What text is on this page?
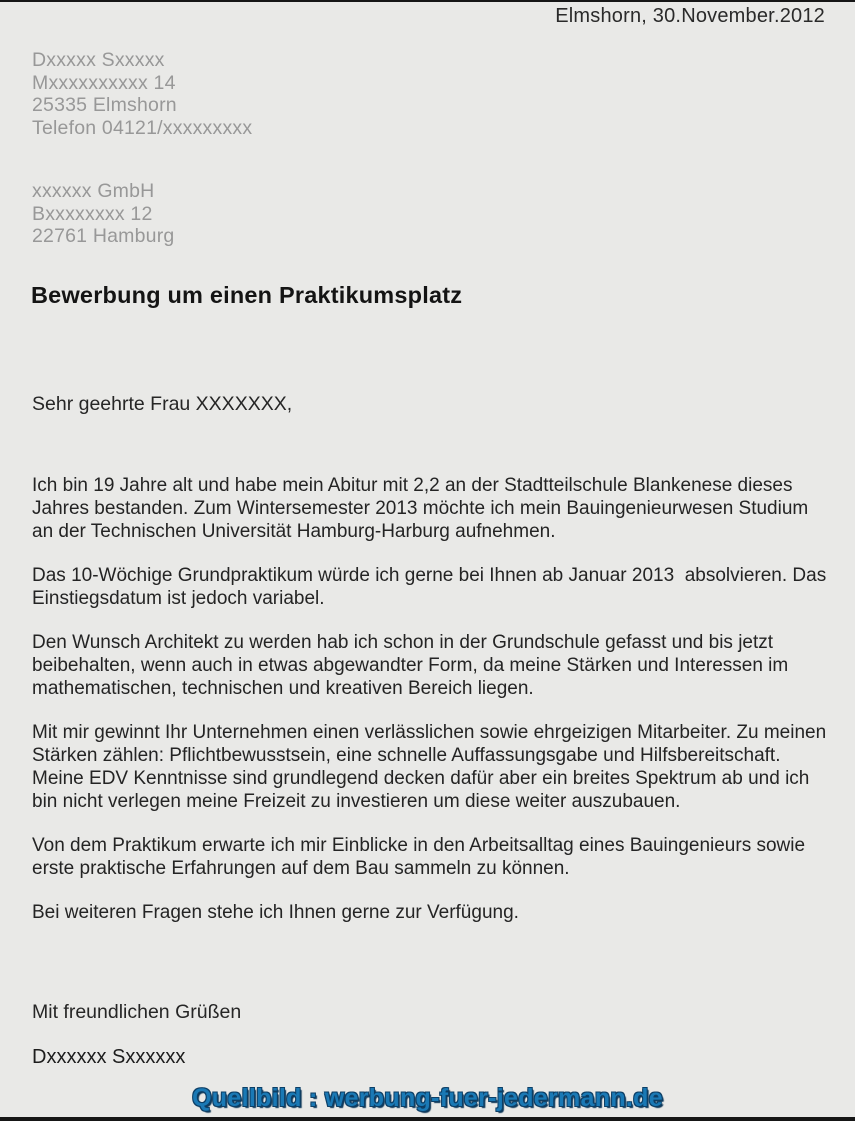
Elmshorn, 30.November.2012
Dxxxxx Sxxxxx
Mxxxxxxxxxx 14
25335 Elmshorn
Telefon 04121/xxxxxxxxx
xxxxxx GmbH
Bxxxxxxxx 12
22761 Hamburg
Bewerbung um einen Praktikumsplatz
Sehr geehrte Frau XXXXXXX,

Ich bin 19 Jahre alt und habe mein Abitur mit 2,2 an der Stadtteilschule Blankenese dieses Jahres bestanden. Zum Wintersemester 2013 möchte ich mein Bauingenieurwesen Studium an der Technischen Universität Hamburg-Harburg aufnehmen.

Das 10-Wöchige Grundpraktikum würde ich gerne bei Ihnen ab Januar 2013  absolvieren. Das Einstiegsdatum ist jedoch variabel.

Den Wunsch Architekt zu werden hab ich schon in der Grundschule gefasst und bis jetzt beibehalten, wenn auch in etwas abgewandter Form, da meine Stärken und Interessen im mathematischen, technischen und kreativen Bereich liegen.

Mit mir gewinnt Ihr Unternehmen einen verlässlichen sowie ehrgeizigen Mitarbeiter. Zu meinen Stärken zählen: Pflichtbewusstsein, eine schnelle Auffassungsgabe und Hilfsbereitschaft. Meine EDV Kenntnisse sind grundlegend decken dafür aber ein breites Spektrum ab und ich bin nicht verlegen meine Freizeit zu investieren um diese weiter auszubauen.

Von dem Praktikum erwarte ich mir Einblicke in den Arbeitsalltag eines Bauingenieurs sowie erste praktische Erfahrungen auf dem Bau sammeln zu können.

Bei weiteren Fragen stehe ich Ihnen gerne zur Verfügung.

Mit freundlichen Grüßen
Dxxxxxx Sxxxxxx
Quellbild : werbung-fuer-jedermann.de
